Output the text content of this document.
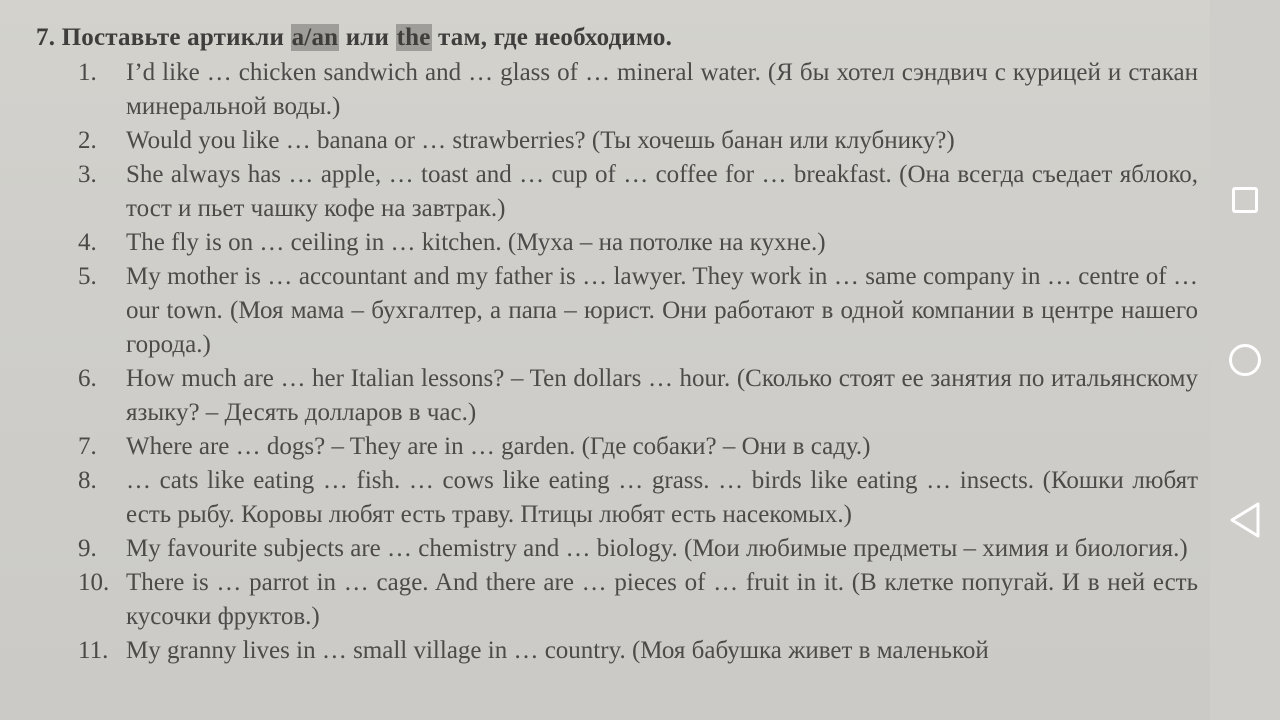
7. Поставьте артикли a/an или the там, где необходимо.
1.	I’d like … chicken sandwich and … glass of … mineral water. (Я бы хотел сэндвич с курицей и стакан минеральной воды.)
2.	Would you like … banana or … strawberries? (Ты хочешь банан или клубнику?)
3.	She always has … apple, … toast and … cup of … coffee for … breakfast. (Она всегда съедает яблоко, тост и пьет чашку кофе на завтрак.)
4.	The fly is on … ceiling in … kitchen. (Муха – на потолке на кухне.)
5.	My mother is … accountant and my father is … lawyer. They work in … same company in … centre of … our town. (Моя мама – бухгалтер, а папа – юрист. Они работают в одной компании в центре нашего города.)
6.	How much are … her Italian lessons? – Ten dollars … hour. (Сколько стоят ее занятия по итальянскому языку? – Десять долларов в час.)
7.	Where are … dogs? – They are in … garden. (Где собаки? – Они в саду.)
8.	… cats like eating … fish. … cows like eating … grass. … birds like eating … insects. (Кошки любят есть рыбу. Коровы любят есть траву. Птицы любят есть насекомых.)
9.	My favourite subjects are … chemistry and … biology. (Мои любимые предметы – химия и биология.)
10. There is … parrot in … cage. And there are … pieces of … fruit in it. (В клетке попугай. И в ней есть кусочки фруктов.)
11. My granny lives in … small village in … country. (Моя бабушка живет в маленькой
